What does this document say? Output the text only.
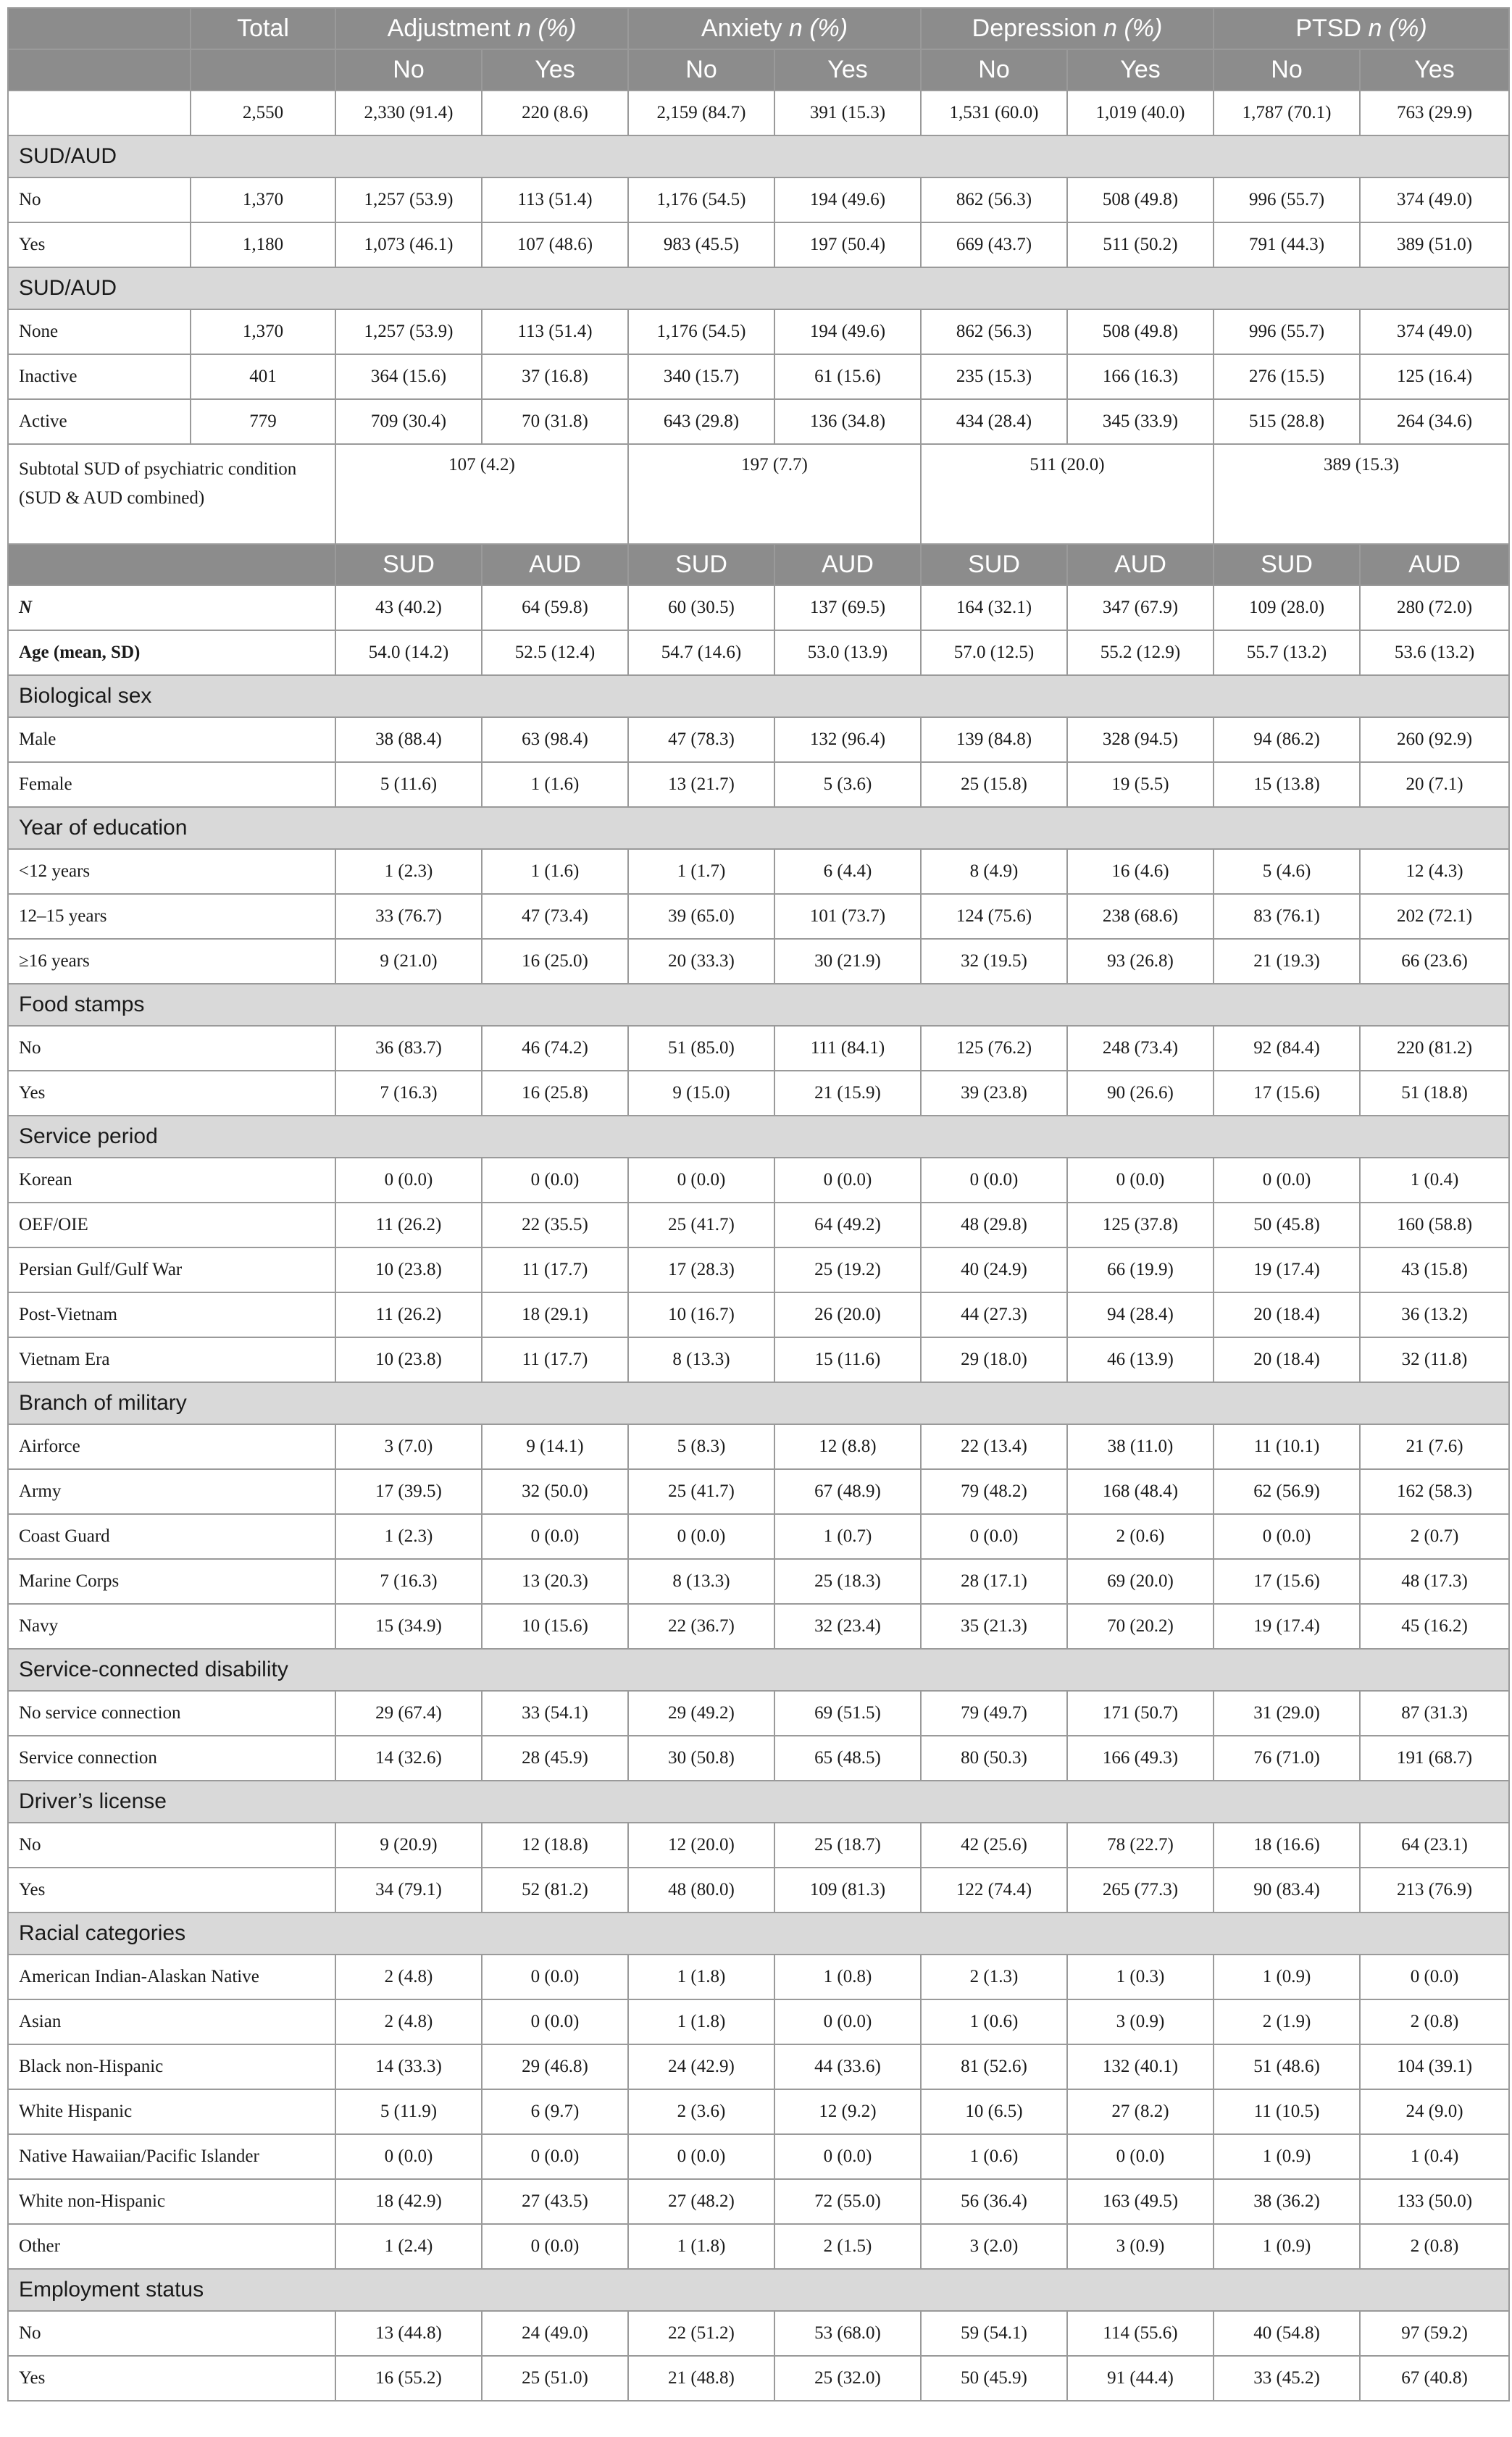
	Total	Adjustment n (%)		Anxiety n (%)		Depression n (%)		PTSD n (%)	
		No	Yes	No	Yes	No	Yes	No	Yes
	2,550	2,330 (91.4)	220 (8.6)	2,159 (84.7)	391 (15.3)	1,531 (60.0)	1,019 (40.0)	1,787 (70.1)	763 (29.9)
SUD/AUD									
No	1,370	1,257 (53.9)	113 (51.4)	1,176 (54.5)	194 (49.6)	862 (56.3)	508 (49.8)	996 (55.7)	374 (49.0)
Yes	1,180	1,073 (46.1)	107 (48.6)	983 (45.5)	197 (50.4)	669 (43.7)	511 (50.2)	791 (44.3)	389 (51.0)
SUD/AUD									
None	1,370	1,257 (53.9)	113 (51.4)	1,176 (54.5)	194 (49.6)	862 (56.3)	508 (49.8)	996 (55.7)	374 (49.0)
Inactive	401	364 (15.6)	37 (16.8)	340 (15.7)	61 (15.6)	235 (15.3)	166 (16.3)	276 (15.5)	125 (16.4)
Active	779	709 (30.4)	70 (31.8)	643 (29.8)	136 (34.8)	434 (28.4)	345 (33.9)	515 (28.8)	264 (34.6)
Subtotal SUD of psychiatric condition (SUD & AUD combined)		107 (4.2)		197 (7.7)		511 (20.0)		389 (15.3)	
		SUD	AUD	SUD	AUD	SUD	AUD	SUD	AUD
N		43 (40.2)	64 (59.8)	60 (30.5)	137 (69.5)	164 (32.1)	347 (67.9)	109 (28.0)	280 (72.0)
Age (mean, SD)		54.0 (14.2)	52.5 (12.4)	54.7 (14.6)	53.0 (13.9)	57.0 (12.5)	55.2 (12.9)	55.7 (13.2)	53.6 (13.2)
Biological sex									
Male		38 (88.4)	63 (98.4)	47 (78.3)	132 (96.4)	139 (84.8)	328 (94.5)	94 (86.2)	260 (92.9)
Female		5 (11.6)	1 (1.6)	13 (21.7)	5 (3.6)	25 (15.8)	19 (5.5)	15 (13.8)	20 (7.1)
Year of education									
<12 years		1 (2.3)	1 (1.6)	1 (1.7)	6 (4.4)	8 (4.9)	16 (4.6)	5 (4.6)	12 (4.3)
12–15 years		33 (76.7)	47 (73.4)	39 (65.0)	101 (73.7)	124 (75.6)	238 (68.6)	83 (76.1)	202 (72.1)
≥16 years		9 (21.0)	16 (25.0)	20 (33.3)	30 (21.9)	32 (19.5)	93 (26.8)	21 (19.3)	66 (23.6)
Food stamps									
No		36 (83.7)	46 (74.2)	51 (85.0)	111 (84.1)	125 (76.2)	248 (73.4)	92 (84.4)	220 (81.2)
Yes		7 (16.3)	16 (25.8)	9 (15.0)	21 (15.9)	39 (23.8)	90 (26.6)	17 (15.6)	51 (18.8)
Service period									
Korean		0 (0.0)	0 (0.0)	0 (0.0)	0 (0.0)	0 (0.0)	0 (0.0)	0 (0.0)	1 (0.4)
OEF/OIE		11 (26.2)	22 (35.5)	25 (41.7)	64 (49.2)	48 (29.8)	125 (37.8)	50 (45.8)	160 (58.8)
Persian Gulf/Gulf War		10 (23.8)	11 (17.7)	17 (28.3)	25 (19.2)	40 (24.9)	66 (19.9)	19 (17.4)	43 (15.8)
Post-Vietnam		11 (26.2)	18 (29.1)	10 (16.7)	26 (20.0)	44 (27.3)	94 (28.4)	20 (18.4)	36 (13.2)
Vietnam Era		10 (23.8)	11 (17.7)	8 (13.3)	15 (11.6)	29 (18.0)	46 (13.9)	20 (18.4)	32 (11.8)
Branch of military									
Airforce		3 (7.0)	9 (14.1)	5 (8.3)	12 (8.8)	22 (13.4)	38 (11.0)	11 (10.1)	21 (7.6)
Army		17 (39.5)	32 (50.0)	25 (41.7)	67 (48.9)	79 (48.2)	168 (48.4)	62 (56.9)	162 (58.3)
Coast Guard		1 (2.3)	0 (0.0)	0 (0.0)	1 (0.7)	0 (0.0)	2 (0.6)	0 (0.0)	2 (0.7)
Marine Corps		7 (16.3)	13 (20.3)	8 (13.3)	25 (18.3)	28 (17.1)	69 (20.0)	17 (15.6)	48 (17.3)
Navy		15 (34.9)	10 (15.6)	22 (36.7)	32 (23.4)	35 (21.3)	70 (20.2)	19 (17.4)	45 (16.2)
Service-connected disability									
No service connection		29 (67.4)	33 (54.1)	29 (49.2)	69 (51.5)	79 (49.7)	171 (50.7)	31 (29.0)	87 (31.3)
Service connection		14 (32.6)	28 (45.9)	30 (50.8)	65 (48.5)	80 (50.3)	166 (49.3)	76 (71.0)	191 (68.7)
Driver’s license									
No		9 (20.9)	12 (18.8)	12 (20.0)	25 (18.7)	42 (25.6)	78 (22.7)	18 (16.6)	64 (23.1)
Yes		34 (79.1)	52 (81.2)	48 (80.0)	109 (81.3)	122 (74.4)	265 (77.3)	90 (83.4)	213 (76.9)
Racial categories									
American Indian-Alaskan Native		2 (4.8)	0 (0.0)	1 (1.8)	1 (0.8)	2 (1.3)	1 (0.3)	1 (0.9)	0 (0.0)
Asian		2 (4.8)	0 (0.0)	1 (1.8)	0 (0.0)	1 (0.6)	3 (0.9)	2 (1.9)	2 (0.8)
Black non-Hispanic		14 (33.3)	29 (46.8)	24 (42.9)	44 (33.6)	81 (52.6)	132 (40.1)	51 (48.6)	104 (39.1)
White Hispanic		5 (11.9)	6 (9.7)	2 (3.6)	12 (9.2)	10 (6.5)	27 (8.2)	11 (10.5)	24 (9.0)
Native Hawaiian/Pacific Islander		0 (0.0)	0 (0.0)	0 (0.0)	0 (0.0)	1 (0.6)	0 (0.0)	1 (0.9)	1 (0.4)
White non-Hispanic		18 (42.9)	27 (43.5)	27 (48.2)	72 (55.0)	56 (36.4)	163 (49.5)	38 (36.2)	133 (50.0)
Other		1 (2.4)	0 (0.0)	1 (1.8)	2 (1.5)	3 (2.0)	3 (0.9)	1 (0.9)	2 (0.8)
Employment status									
No		13 (44.8)	24 (49.0)	22 (51.2)	53 (68.0)	59 (54.1)	114 (55.6)	40 (54.8)	97 (59.2)
Yes		16 (55.2)	25 (51.0)	21 (48.8)	25 (32.0)	50 (45.9)	91 (44.4)	33 (45.2)	67 (40.8)
